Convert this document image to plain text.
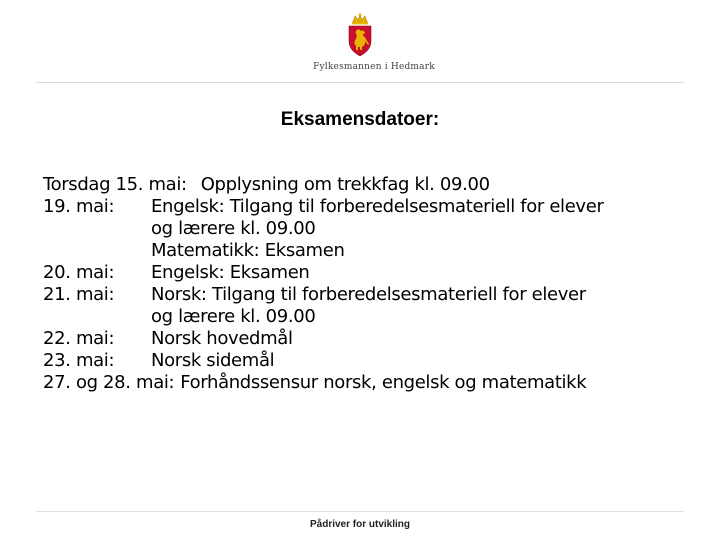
Fylkesmannen i Hedmark
Eksamensdatoer:
Torsdag 15. mai: Opplysning om trekkfag kl. 09.00
19. mai:	Engelsk: Tilgang til forberedelsesmateriell for elever
og lærere kl. 09.00
Matematikk: Eksamen
20. mai:	Engelsk: Eksamen
21. mai:	Norsk: Tilgang til forberedelsesmateriell for elever
og lærere kl. 09.00
22. mai:	Norsk hovedmål
23. mai:	Norsk sidemål
27. og 28. mai: Forhåndssensur norsk, engelsk og matematikk
Pådriver for utvikling
